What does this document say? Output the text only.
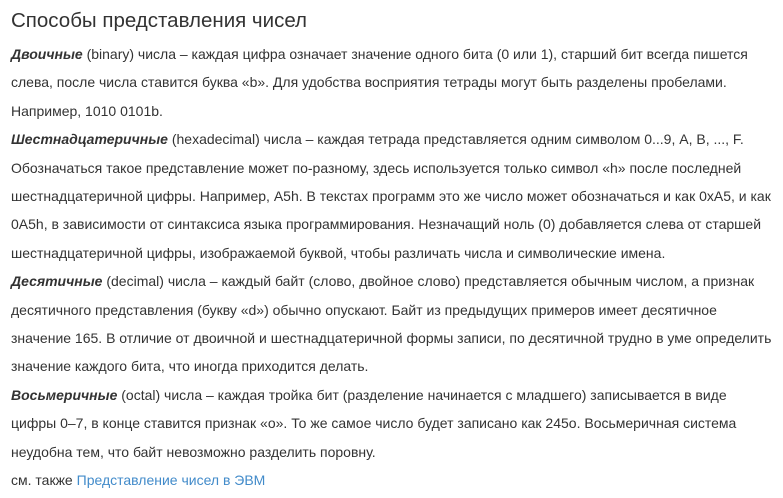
Способы представления чисел

Двоичные (binary) числа – каждая цифра означает значение одного бита (0 или 1), старший бит всегда пишется слева, после числа ставится буква «b». Для удобства восприятия тетрады могут быть разделены пробелами. Например, 1010 0101b.

Шестнадцатеричные (hexadecimal) числа – каждая тетрада представляется одним символом 0...9, A, B, ..., F. Обозначаться такое представление может по-разному, здесь используется только символ «h» после последней шестнадцатеричной цифры. Например, A5h. В текстах программ это же число может обозначаться и как 0xA5, и как 0A5h, в зависимости от синтаксиса языка программирования. Незначащий ноль (0) добавляется слева от старшей шестнадцатеричной цифры, изображаемой буквой, чтобы различать числа и символические имена.

Десятичные (decimal) числа – каждый байт (слово, двойное слово) представляется обычным числом, а признак десятичного представления (букву «d») обычно опускают. Байт из предыдущих примеров имеет десятичное значение 165. В отличие от двоичной и шестнадцатеричной формы записи, по десятичной трудно в уме определить значение каждого бита, что иногда приходится делать.

Восьмеричные (octal) числа – каждая тройка бит (разделение начинается с младшего) записывается в виде цифры 0–7, в конце ставится признак «o». То же самое число будет записано как 245o. Восьмеричная система неудобна тем, что байт невозможно разделить поровну.

см. также Представление чисел в ЭВМ
